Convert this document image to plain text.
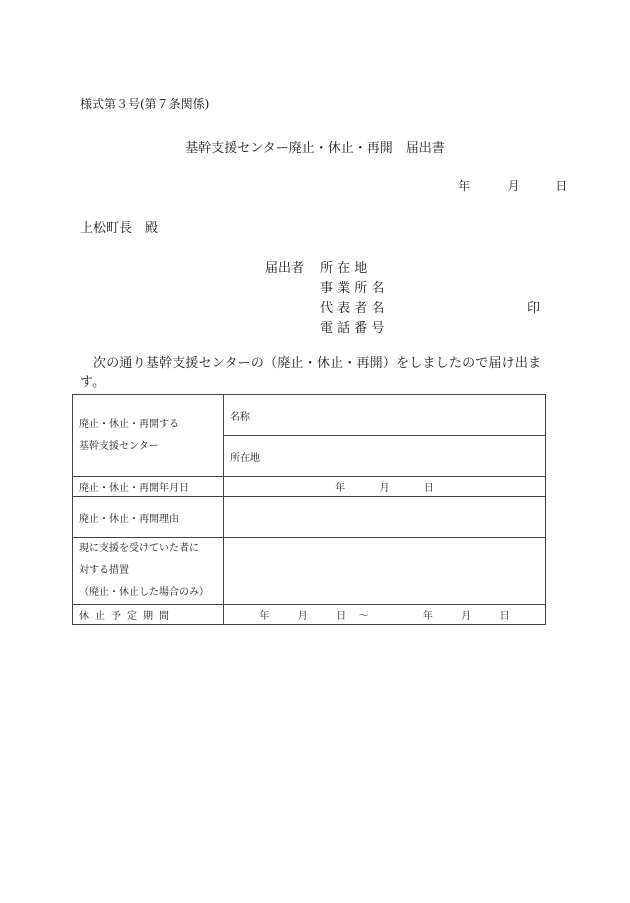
様式第３号(第７条関係)
基幹支援センター廃止・休止・再開　届出書
年	月	日
上松町長　殿
届出者 所 在 地
事 業 所 名
代 表 者 名	印
電 話 番 号
次の通り基幹支援センターの（廃止・休止・再開）をしましたので届け出ます。
廃止・休止・再開する
基幹支援センター	名称
	所在地
廃止・休止・再開年月日	年 月 日
廃止・休止・再開理由	

現に支援を受けていた者に
対する措置
（廃止・休止した場合のみ）	

休止予定期間	年 月 日 ～ 年 月 日
